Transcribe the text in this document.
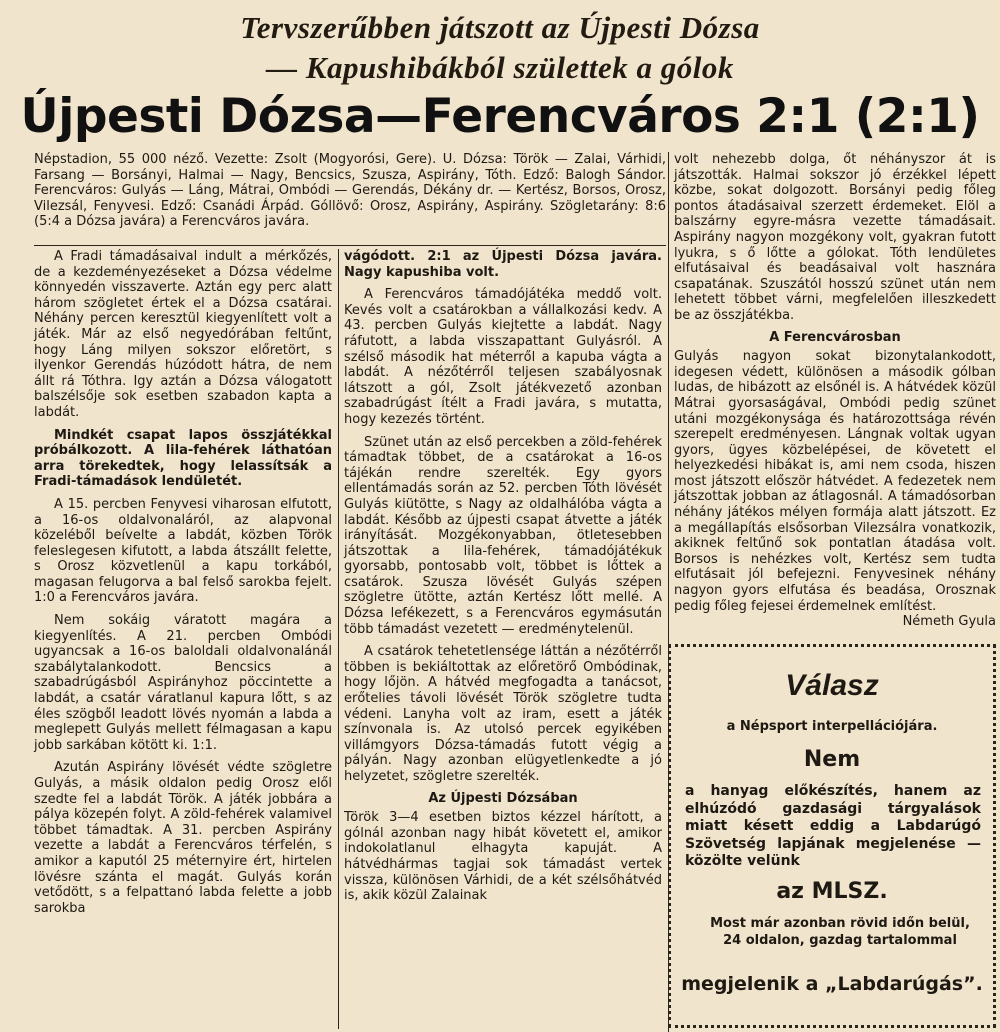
Tervszerűbben játszott az Újpesti Dózsa
— Kapushibákból születtek a gólok
Újpesti Dózsa—Ferencváros 2:1 (2:1)

Népstadion, 55 000 néző. Vezette: Zsolt (Mogyorósi, Gere). U. Dózsa: Török — Zalai, Várhidi, Farsang — Borsányi, Halmai — Nagy, Bencsics, Szusza, Aspirány, Tóth. Edző: Balogh Sándor. Ferencváros: Gulyás — Láng, Mátrai, Ombódi — Gerendás, Dékány dr. — Kertész, Borsos, Orosz, Vilezsál, Fenyvesi. Edző: Csanádi Árpád. Góllövő: Orosz, Aspirány, Aspirány. Szögletarány: 8:6 (5:4 a Dózsa javára) a Ferencváros javára.

A Fradi támadásaival indult a mérkőzés, de a kezdeményezéseket a Dózsa védelme könnyedén visszaverte. Aztán egy perc alatt három szögletet értek el a Dózsa csatárai. Néhány percen keresztül kiegyenlített volt a játék. Már az első negyedórában feltűnt, hogy Láng milyen sokszor előretört, s ilyenkor Gerendás húzódott hátra, de nem állt rá Tóthra. Igy aztán a Dózsa válogatott balszélsője sok esetben szabadon kapta a labdát.

Mindkét csapat lapos összjátékkal próbálkozott. A lila-fehérek láthatóan arra törekedtek, hogy lelassítsák a Fradi-támadások lendületét.

A 15. percben Fenyvesi viharosan elfutott, a 16-os oldalvonaláról, az alapvonal közeléből beívelte a labdát, közben Török feleslegesen kifutott, a labda átszállt felette, s Orosz közvetlenül a kapu torkából, magasan felugorva a bal felső sarokba fejelt. 1:0 a Ferencváros javára.

Nem sokáig váratott magára a kiegyenlítés. A 21. percben Ombódi ugyancsak a 16-os baloldali oldalvonalánál szabálytalankodott. Bencsics a szabadrúgásból Aspirányhoz pöccintette a labdát, a csatár váratlanul kapura lőtt, s az éles szögből leadott lövés nyomán a labda a meglepett Gulyás mellett félmagasan a kapu jobb sarkában kötött ki. 1:1.

Azután Aspirány lövését védte szögletre Gulyás, a másik oldalon pedig Orosz elől szedte fel a labdát Török. A játék jobbára a pálya közepén folyt. A zöld-fehérek valamivel többet támadtak. A 31. percben Aspirány vezette a labdát a Ferencváros térfelén, s amikor a kaputól 25 méternyire ért, hirtelen lövésre szánta el magát. Gulyás korán vetődött, s a felpattanó labda felette a jobb sarokba

vágódott. 2:1 az Újpesti Dózsa javára. Nagy kapushiba volt.

A Ferencváros támadójátéka meddő volt. Kevés volt a csatárokban a vállalkozási kedv. A 43. percben Gulyás kiejtette a labdát. Nagy ráfutott, a labda visszapattant Gulyásról. A szélső második hat méterről a kapuba vágta a labdát. A nézőtérről teljesen szabályosnak látszott a gól, Zsolt játékvezető azonban szabadrúgást ítélt a Fradi javára, s mutatta, hogy kezezés történt.

Szünet után az első percekben a zöld-fehérek támadtak többet, de a csatárokat a 16-os tájékán rendre szerelték. Egy gyors ellentámadás során az 52. percben Tóth lövését Gulyás kiütötte, s Nagy az oldalhálóba vágta a labdát. Később az újpesti csapat átvette a játék irányítását. Mozgékonyabban, ötletesebben játszottak a lila-fehérek, támadójátékuk gyorsabb, pontosabb volt, többet is lőttek a csatárok. Szusza lövését Gulyás szépen szögletre ütötte, aztán Kertész lőtt mellé. A Dózsa lefékezett, s a Ferencváros egymásután több támadást vezetett — eredménytelenül.

A csatárok tehetetlensége láttán a nézőtérről többen is bekiáltottak az előretörő Ombódinak, hogy lőjön. A hátvéd megfogadta a tanácsot, erőtelies távoli lövését Török szögletre tudta védeni. Lanyha volt az iram, esett a játék színvonala is. Az utolsó percek egyikében villámgyors Dózsa-támadás futott végig a pályán. Nagy azonban elügyetlenkedte a jó helyzetet, szögletre szerelték.

Az Újpesti Dózsában

Török 3—4 esetben biztos kézzel hárított, a gólnál azonban nagy hibát követett el, amikor indokolatlanul elhagyta kapuját. A hátvédhármas tagjai sok támadást vertek vissza, különösen Várhidi, de a két szélsőhátvéd is, akik közül Zalainak

volt nehezebb dolga, őt néhányszor át is játszották. Halmai sokszor jó érzékkel lépett közbe, sokat dolgozott. Borsányi pedig főleg pontos átadásaival szerzett érdemeket. Elöl a balszárny egyre-másra vezette támadásait. Aspirány nagyon mozgékony volt, gyakran futott lyukra, s ő lőtte a gólokat. Tóth lendületes elfutásaival és beadásaival volt hasznára csapatának. Szuszától hosszú szünet után nem lehetett többet várni, megfelelően illeszkedett be az összjátékba.

A Ferencvárosban

Gulyás nagyon sokat bizonytalankodott, idegesen védett, különösen a második gólban ludas, de hibázott az elsőnél is. A hátvédek közül Mátrai gyorsaságával, Ombódi pedig szünet utáni mozgékonysága és határozottsága révén szerepelt eredményesen. Lángnak voltak ugyan gyors, ügyes közbelépései, de követett el helyezkedési hibákat is, ami nem csoda, hiszen most játszott először hátvédet. A fedezetek nem játszottak jobban az átlagosnál. A támadósorban néhány játékos mélyen formája alatt játszott. Ez a megállapítás elsősorban Vilezsálra vonatkozik, akiknek feltűnő sok pontatlan átadása volt. Borsos is nehézkes volt, Kertész sem tudta elfutásait jól befejezni. Fenyvesinek néhány nagyon gyors elfutása és beadása, Orosznak pedig főleg fejesei érdemelnek említést.

Németh Gyula

Válasz
a Népsport interpellációjára.
Nem
a hanyag előkészítés, hanem az elhúzódó gazdasági tárgyalások miatt késett eddig a Labdarúgó Szövetség lapjának megjelenése — közölte velünk
az MLSZ.
Most már azonban rövid időn belül, 24 oldalon, gazdag tartalommal
megjelenik a „Labdarúgás”.
